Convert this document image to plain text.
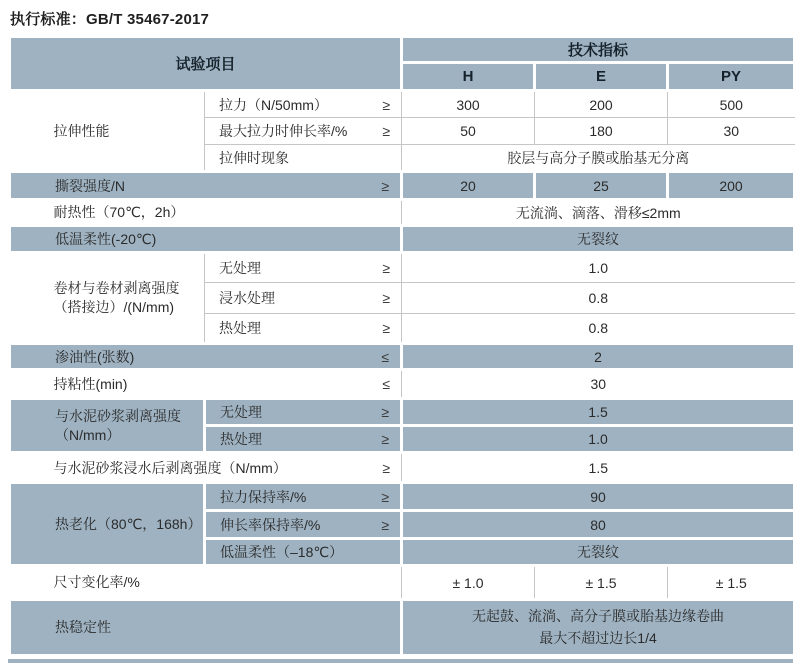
执行标准：GB/T 35467-2017
试验项目		技术指标		
		H	E	PY
拉伸性能	拉力（N/50mm） ≥	300	200	500

	最大拉力时伸长率/% ≥	50	180	30

	拉伸时现象	胶层与高分子膜或胎基无分离		

撕裂强度/N ≥		20	25	200
耐热性（70℃，2h）		无流淌、滴落、滑移≤2mm		
低温柔性(-20℃)		无裂纹		

卷材与卷材剥离强度
（搭接边）/(N/mm)	无处理 ≥	1.0		

	浸水处理 ≥	0.8		

	热处理 ≥	0.8		

渗油性(张数) ≤		2		

持粘性(min) ≤		30		

与水泥砂浆剥离强度
（N/mm）	无处理 ≥	1.5		

	热处理 ≥	1.0		

与水泥砂浆浸水后剥离强度（N/mm） ≥		1.5		
热老化（80℃，168h）	拉力保持率/% ≥	90		

	伸长率保持率/% ≥	80		

	低温柔性（–18℃）	无裂纹		
尺寸变化率/%		± 1.0	± 1.5	± 1.5
热稳定性		无起鼓、流淌、高分子膜或胎基边缘卷曲
最大不超过边长1/4		
